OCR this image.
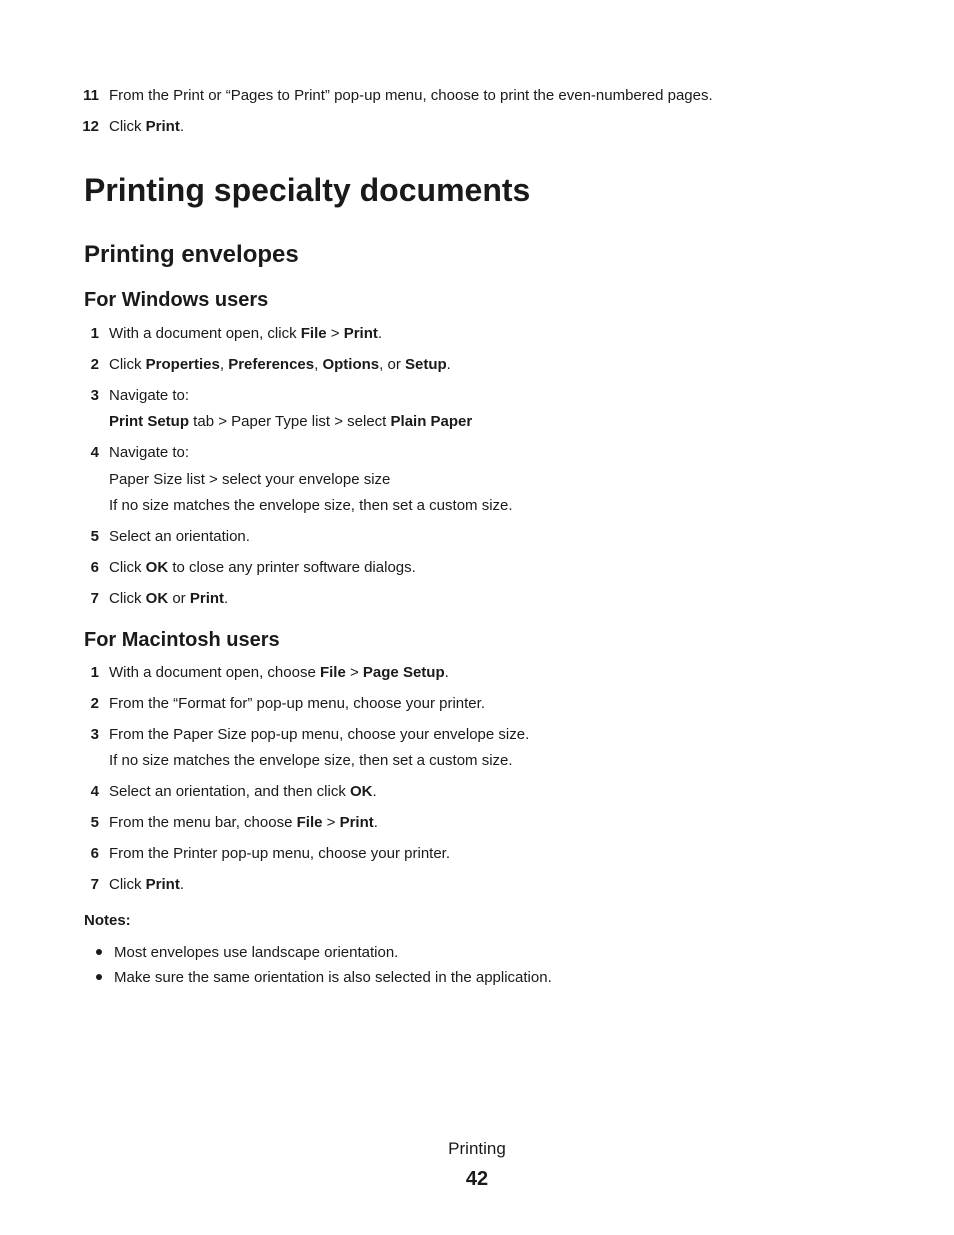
11 From the Print or “Pages to Print” pop-up menu, choose to print the even-numbered pages.
12 Click Print.
Printing specialty documents
Printing envelopes
For Windows users
1 With a document open, click File > Print.
2 Click Properties, Preferences, Options, or Setup.
3 Navigate to:
Print Setup tab > Paper Type list > select Plain Paper
4 Navigate to:
Paper Size list > select your envelope size
If no size matches the envelope size, then set a custom size.
5 Select an orientation.
6 Click OK to close any printer software dialogs.
7 Click OK or Print.
For Macintosh users
1 With a document open, choose File > Page Setup.
2 From the “Format for” pop-up menu, choose your printer.
3 From the Paper Size pop-up menu, choose your envelope size.
If no size matches the envelope size, then set a custom size.
4 Select an orientation, and then click OK.
5 From the menu bar, choose File > Print.
6 From the Printer pop-up menu, choose your printer.
7 Click Print.
Notes:
Most envelopes use landscape orientation.
Make sure the same orientation is also selected in the application.
Printing
42
